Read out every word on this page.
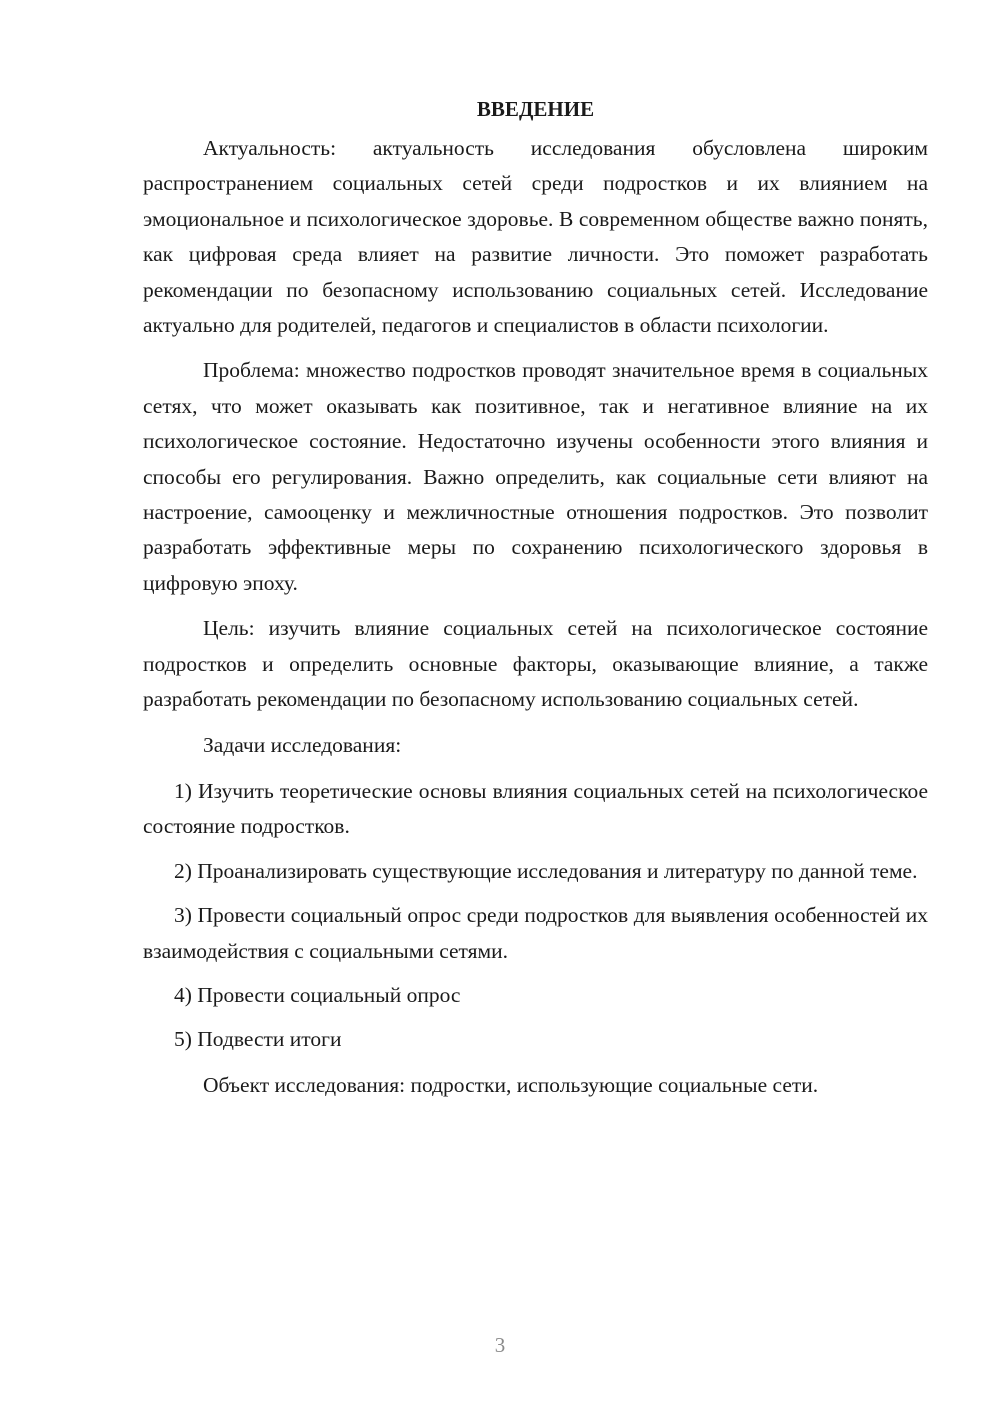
ВВЕДЕНИЕ

Актуальность: актуальность исследования обусловлена широким распространением социальных сетей среди подростков и их влиянием на эмоциональное и психологическое здоровье. В современном обществе важно понять, как цифровая среда влияет на развитие личности. Это поможет разработать рекомендации по безопасному использованию социальных сетей. Исследование актуально для родителей, педагогов и специалистов в области психологии.

Проблема: множество подростков проводят значительное время в социальных сетях, что может оказывать как позитивное, так и негативное влияние на их психологическое состояние. Недостаточно изучены особенности этого влияния и способы его регулирования. Важно определить, как социальные сети влияют на настроение, самооценку и межличностные отношения подростков. Это позволит разработать эффективные меры по сохранению психологического здоровья в цифровую эпоху.

Цель: изучить влияние социальных сетей на психологическое состояние подростков и определить основные факторы, оказывающие влияние, а также разработать рекомендации по безопасному использованию социальных сетей.

Задачи исследования:

1) Изучить теоретические основы влияния социальных сетей на психологическое состояние подростков.

2) Проанализировать существующие исследования и литературу по данной теме.

3) Провести социальный опрос среди подростков для выявления особенностей их взаимодействия с социальными сетями.

4) Провести социальный опрос

5) Подвести итоги

Объект исследования: подростки, использующие социальные сети.

3
